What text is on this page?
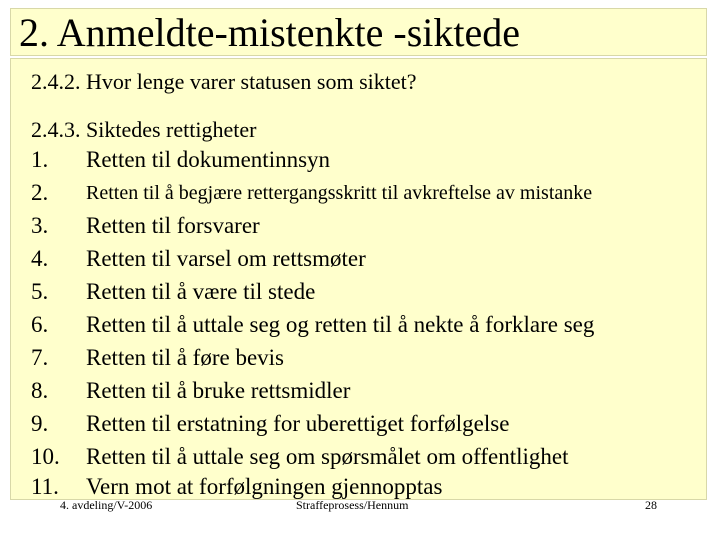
2. Anmeldte-mistenkte -siktede
2.4.2. Hvor lenge varer statusen som siktet?
2.4.3. Siktedes rettigheter
1. Retten til dokumentinnsyn
2. Retten til å begjære rettergangsskritt til avkreftelse av mistanke
3. Retten til forsvarer
4. Retten til varsel om rettsmøter
5. Retten til å være til stede
6. Retten til å uttale seg og retten til å nekte å forklare seg
7. Retten til å føre bevis
8. Retten til å bruke rettsmidler
9. Retten til erstatning for uberettiget forfølgelse
10. Retten til å uttale seg om spørsmålet om offentlighet
11. Vern mot at forfølgningen gjennopptas
4. avdeling/V-2006	Straffeprosess/Hennum	28
